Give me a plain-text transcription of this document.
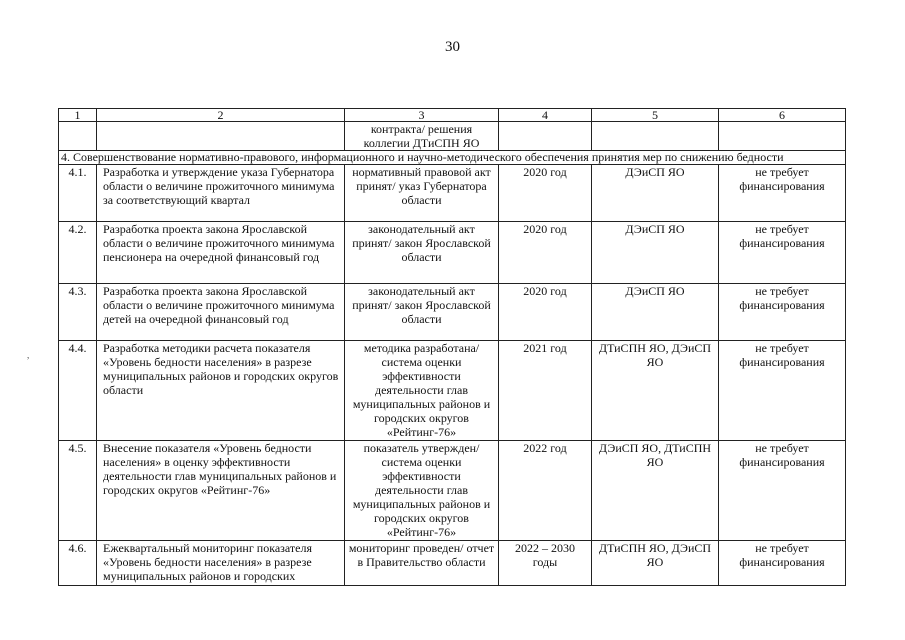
30
,
1	2	3	4	5	6
		контракта/ решения коллегии ДТиСПН ЯО			
4. Совершенствование нормативно-правового, информационного и научно-методического обеспечения принятия мер по снижению бедности					
4.1.	Разработка и утверждение указа Губернатора области о величине прожиточного минимума за соответствующий квартал	нормативный правовой акт принят/ указ Губернатора области	2020 год	ДЭиСП ЯО	не требует финансирования
4.2.	Разработка проекта закона Ярославской области о величине прожиточного минимума пенсионера на очередной финансовый год	законодательный акт принят/ закон Ярославской области	2020 год	ДЭиСП ЯО	не требует финансирования
4.3.	Разработка проекта закона Ярославской области о величине прожиточного минимума детей на очередной финансовый год	законодательный акт принят/ закон Ярославской области	2020 год	ДЭиСП ЯО	не требует финансирования
4.4.	Разработка методики расчета показателя «Уровень бедности населения» в разрезе муниципальных районов и городских округов области	методика разработана/ система оценки эффективности деятельности глав муниципальных районов и городских округов «Рейтинг-76»	2021 год	ДТиСПН ЯО, ДЭиСП ЯО	не требует финансирования
4.5.	Внесение показателя «Уровень бедности населения» в оценку эффективности деятельности глав муниципальных районов и городских округов «Рейтинг-76»	показатель утвержден/ система оценки эффективности деятельности глав муниципальных районов и городских округов «Рейтинг-76»	2022 год	ДЭиСП ЯО, ДТиСПН ЯО	не требует финансирования
4.6.	Ежеквартальный мониторинг показателя «Уровень бедности населения» в разрезе муниципальных районов и городских	мониторинг проведен/ отчет в Правительство области	2022 – 2030 годы	ДТиСПН ЯО, ДЭиСП ЯО	не требует финансирования
